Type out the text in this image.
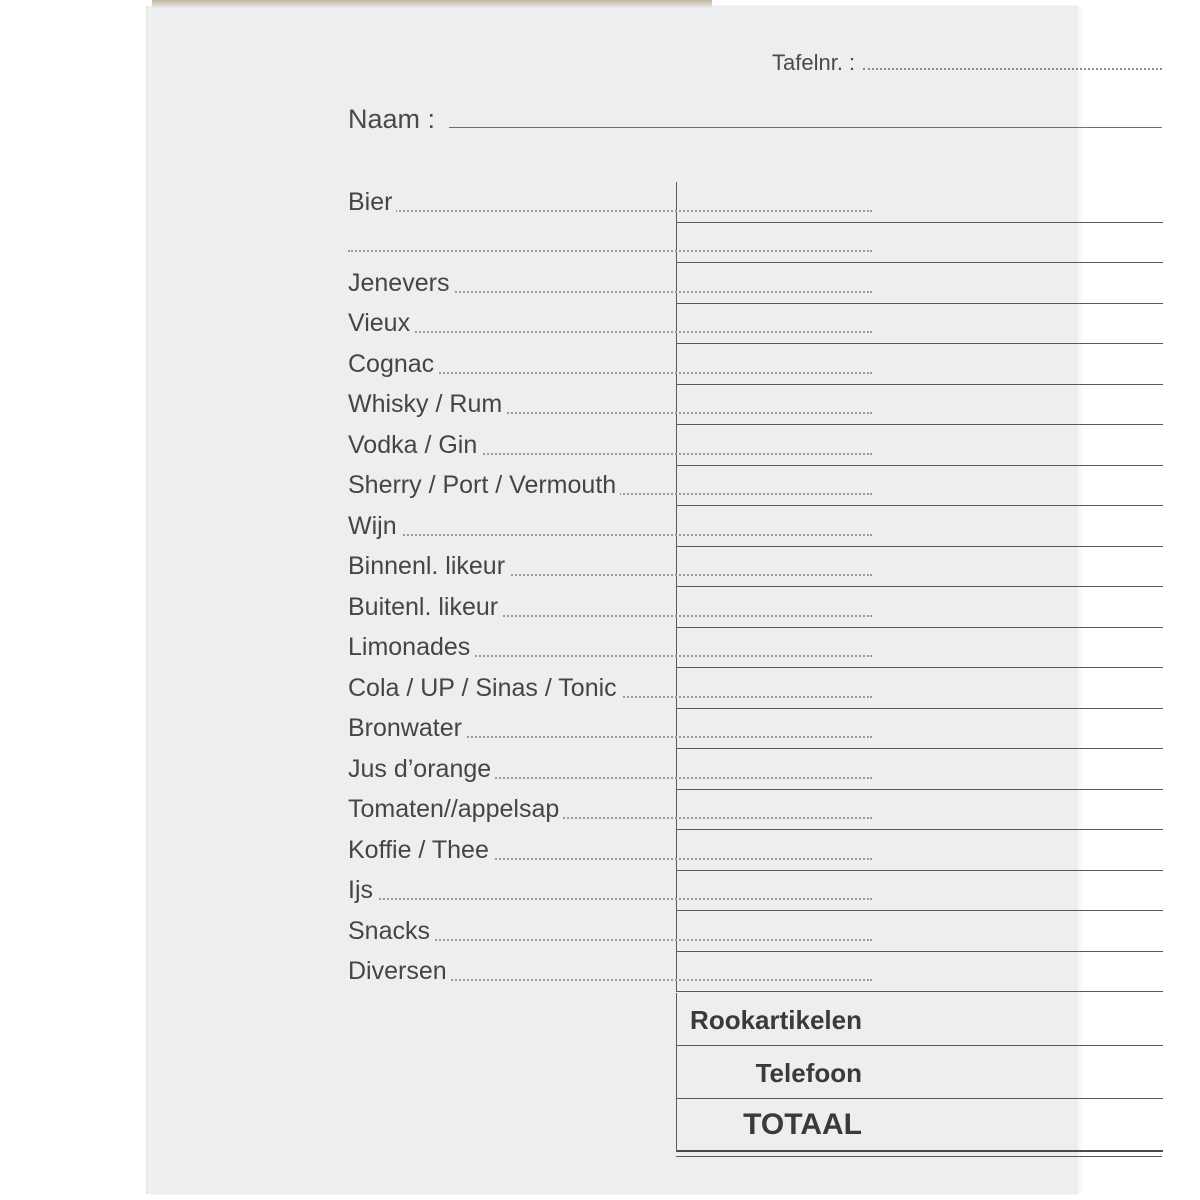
Tafelnr. :
Naam :
Bier
Jenevers
Vieux
Cognac
Whisky / Rum
Vodka / Gin
Sherry / Port / Vermouth
Wijn
Binnenl. likeur
Buitenl. likeur
Limonades
Cola / UP / Sinas / Tonic
Bronwater
Jus d’orange
Tomaten//appelsap
Koffie / Thee
Ijs
Snacks
Diversen
Rookartikelen
Telefoon
TOTAAL
